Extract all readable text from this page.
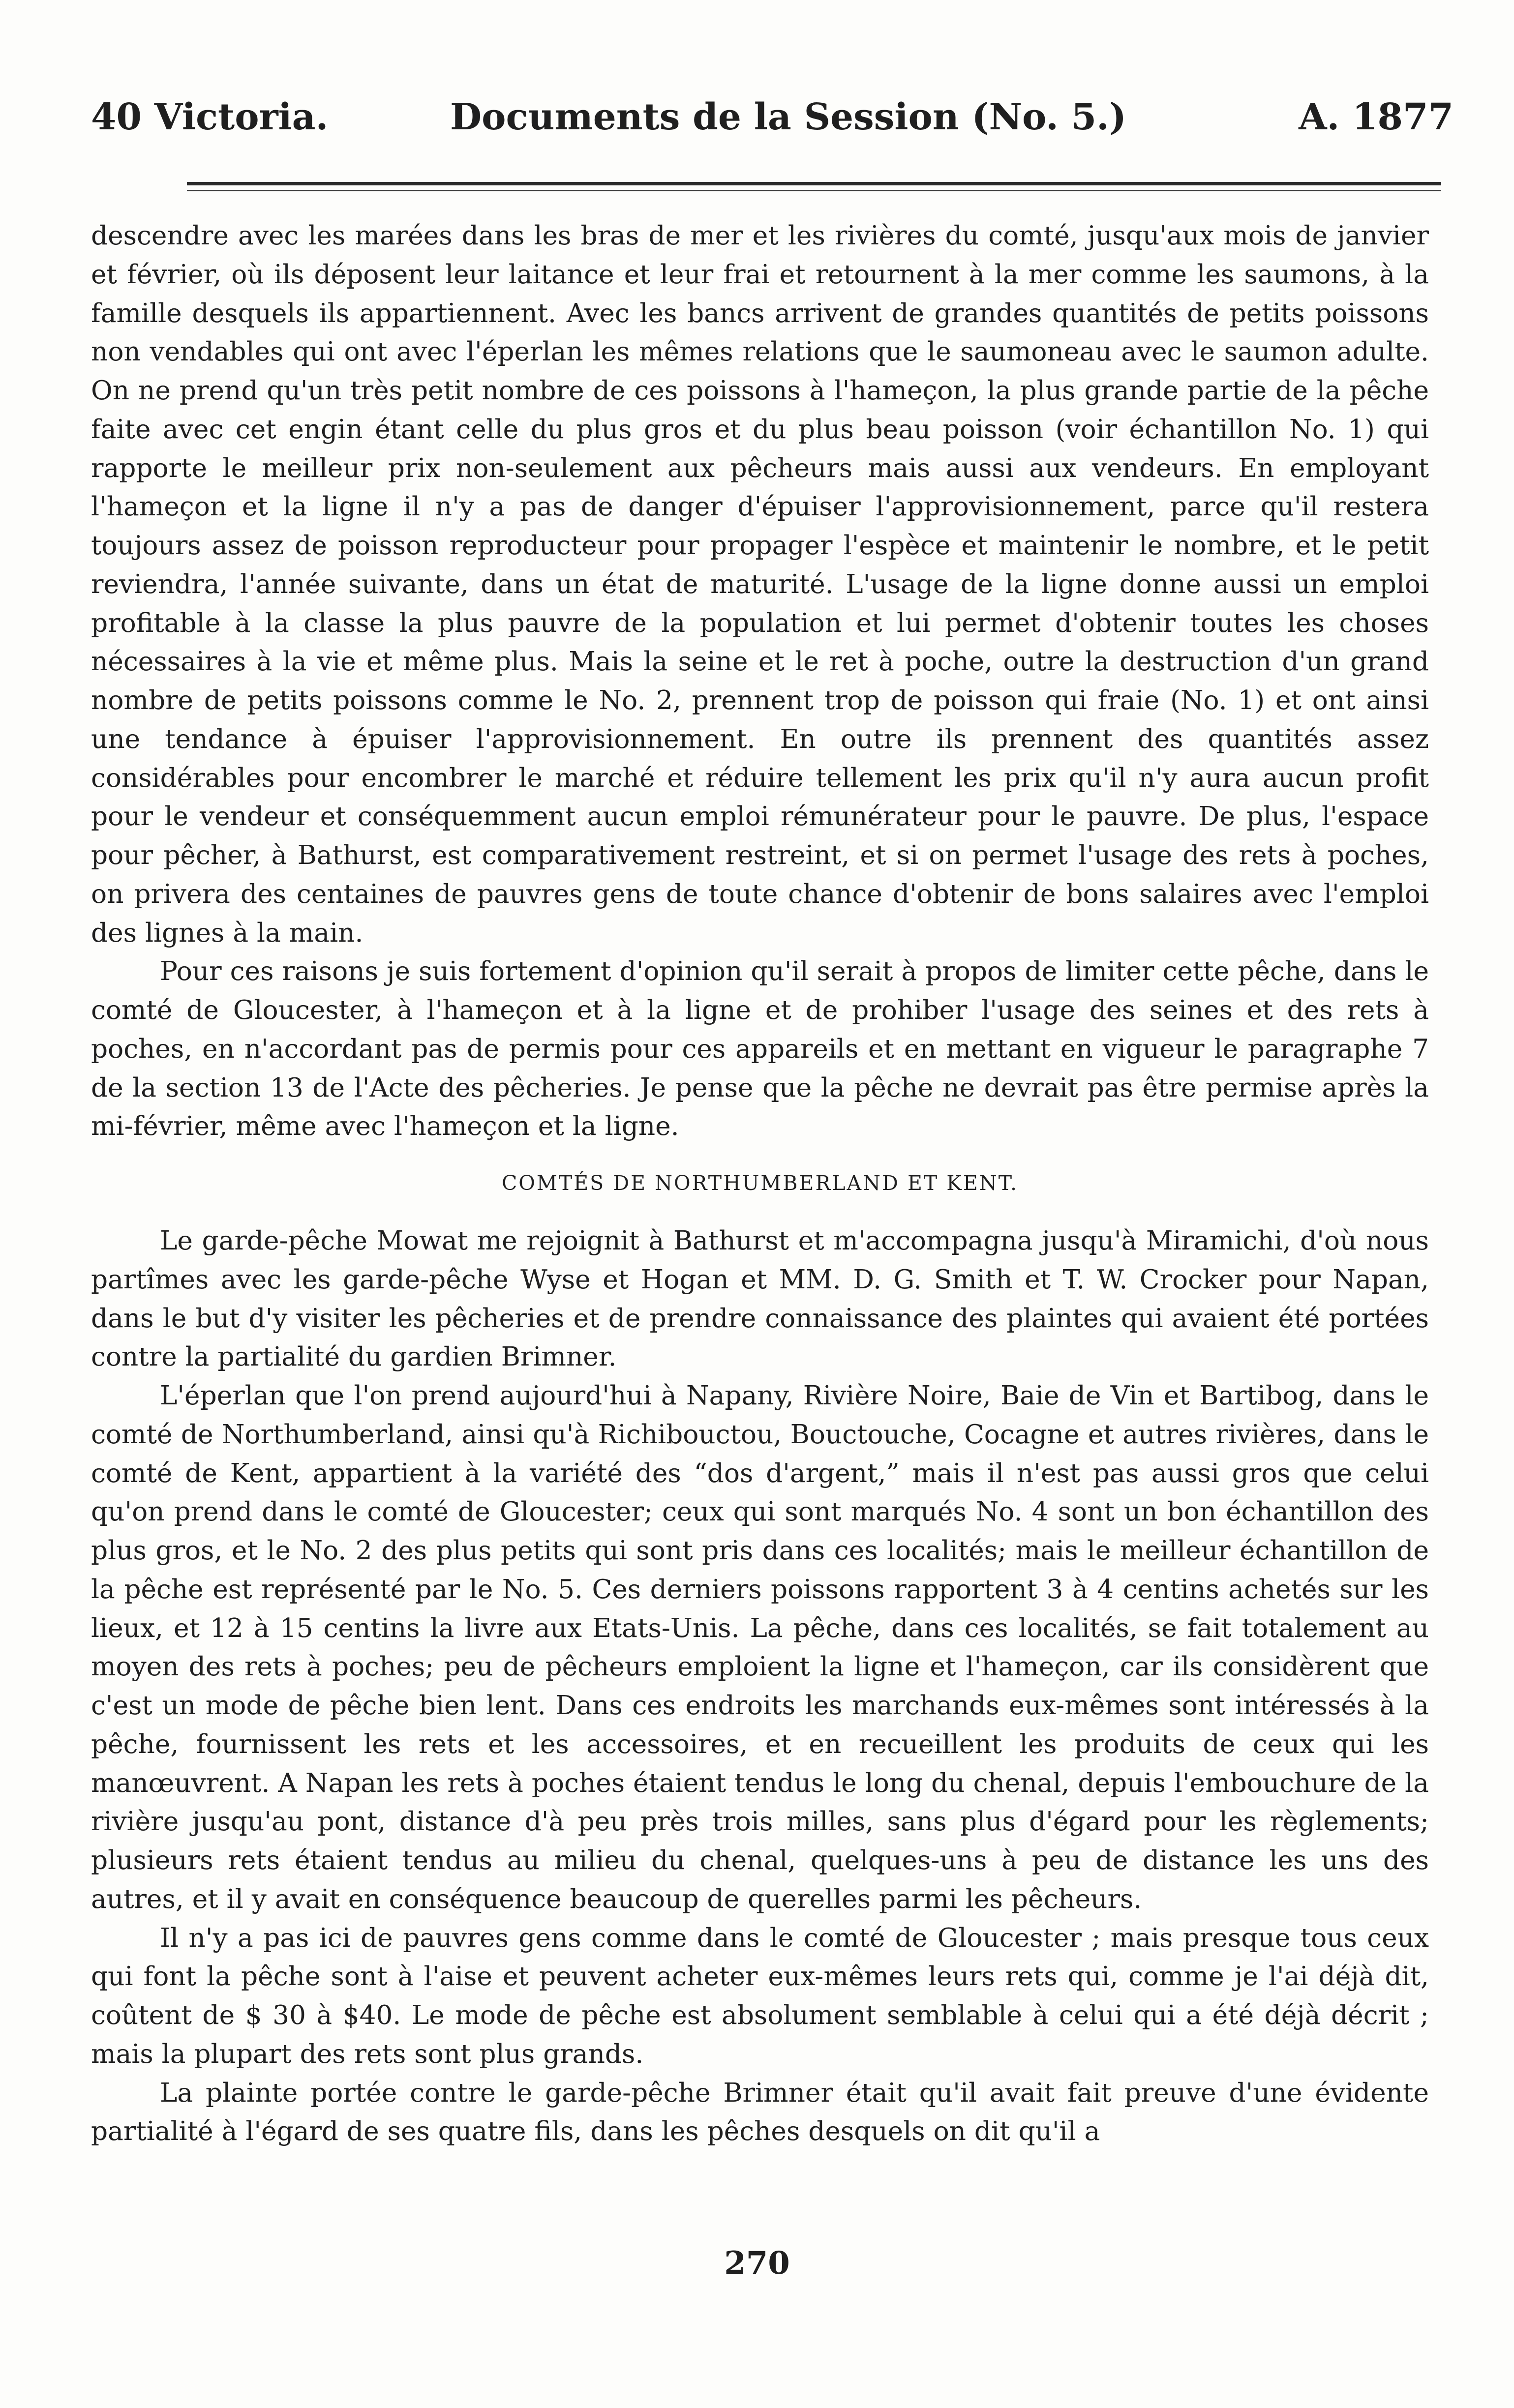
40 Victoria.	Documents de la Session (No. 5.)	A. 1877

descendre avec les marées dans les bras de mer et les rivières du comté, jusqu'aux mois de janvier et février, où ils déposent leur laitance et leur frai et retournent à la mer comme les saumons, à la famille desquels ils appartiennent. Avec les bancs arrivent de grandes quantités de petits poissons non vendables qui ont avec l'éperlan les mêmes relations que le saumoneau avec le saumon adulte. On ne prend qu'un très petit nombre de ces poissons à l'hameçon, la plus grande partie de la pêche faite avec cet engin étant celle du plus gros et du plus beau poisson (voir échantillon No. 1) qui rapporte le meilleur prix non-seulement aux pêcheurs mais aussi aux vendeurs. En employant l'hameçon et la ligne il n'y a pas de danger d'épuiser l'approvisionnement, parce qu'il restera toujours assez de poisson reproducteur pour propager l'espèce et maintenir le nombre, et le petit reviendra, l'année suivante, dans un état de maturité. L'usage de la ligne donne aussi un emploi profitable à la classe la plus pauvre de la population et lui permet d'obtenir toutes les choses nécessaires à la vie et même plus. Mais la seine et le ret à poche, outre la destruction d'un grand nombre de petits poissons comme le No. 2, prennent trop de poisson qui fraie (No. 1) et ont ainsi une tendance à épuiser l'approvisionnement. En outre ils prennent des quantités assez considérables pour encombrer le marché et réduire tellement les prix qu'il n'y aura aucun profit pour le vendeur et conséquemment aucun emploi rémunérateur pour le pauvre. De plus, l'espace pour pêcher, à Bathurst, est comparativement restreint, et si on permet l'usage des rets à poches, on privera des centaines de pauvres gens de toute chance d'obtenir de bons salaires avec l'emploi des lignes à la main.

Pour ces raisons je suis fortement d'opinion qu'il serait à propos de limiter cette pêche, dans le comté de Gloucester, à l'hameçon et à la ligne et de prohiber l'usage des seines et des rets à poches, en n'accordant pas de permis pour ces appareils et en mettant en vigueur le paragraphe 7 de la section 13 de l'Acte des pêcheries. Je pense que la pêche ne devrait pas être permise après la mi-février, même avec l'hameçon et la ligne.

COMTÉS DE NORTHUMBERLAND ET KENT.

Le garde-pêche Mowat me rejoignit à Bathurst et m'accompagna jusqu'à Miramichi, d'où nous partîmes avec les garde-pêche Wyse et Hogan et MM. D. G. Smith et T. W. Crocker pour Napan, dans le but d'y visiter les pêcheries et de prendre connaissance des plaintes qui avaient été portées contre la partialité du gardien Brimner.

L'éperlan que l'on prend aujourd'hui à Napany, Rivière Noire, Baie de Vin et Bartibog, dans le comté de Northumberland, ainsi qu'à Richibouctou, Bouctouche, Cocagne et autres rivières, dans le comté de Kent, appartient à la variété des “dos d'argent,” mais il n'est pas aussi gros que celui qu'on prend dans le comté de Gloucester; ceux qui sont marqués No. 4 sont un bon échantillon des plus gros, et le No. 2 des plus petits qui sont pris dans ces localités; mais le meilleur échantillon de la pêche est représenté par le No. 5. Ces derniers poissons rapportent 3 à 4 centins achetés sur les lieux, et 12 à 15 centins la livre aux Etats-Unis. La pêche, dans ces localités, se fait totalement au moyen des rets à poches; peu de pêcheurs emploient la ligne et l'hameçon, car ils considèrent que c'est un mode de pêche bien lent. Dans ces endroits les marchands eux-mêmes sont intéressés à la pêche, fournissent les rets et les accessoires, et en recueillent les produits de ceux qui les manœuvrent. A Napan les rets à poches étaient tendus le long du chenal, depuis l'embouchure de la rivière jusqu'au pont, distance d'à peu près trois milles, sans plus d'égard pour les règlements; plusieurs rets étaient tendus au milieu du chenal, quelques-uns à peu de distance les uns des autres, et il y avait en conséquence beaucoup de querelles parmi les pêcheurs.

Il n'y a pas ici de pauvres gens comme dans le comté de Gloucester ; mais presque tous ceux qui font la pêche sont à l'aise et peuvent acheter eux-mêmes leurs rets qui, comme je l'ai déjà dit, coûtent de $ 30 à $40. Le mode de pêche est absolument semblable à celui qui a été déjà décrit ; mais la plupart des rets sont plus grands.

La plainte portée contre le garde-pêche Brimner était qu'il avait fait preuve d'une évidente partialité à l'égard de ses quatre fils, dans les pêches desquels on dit qu'il a

270
